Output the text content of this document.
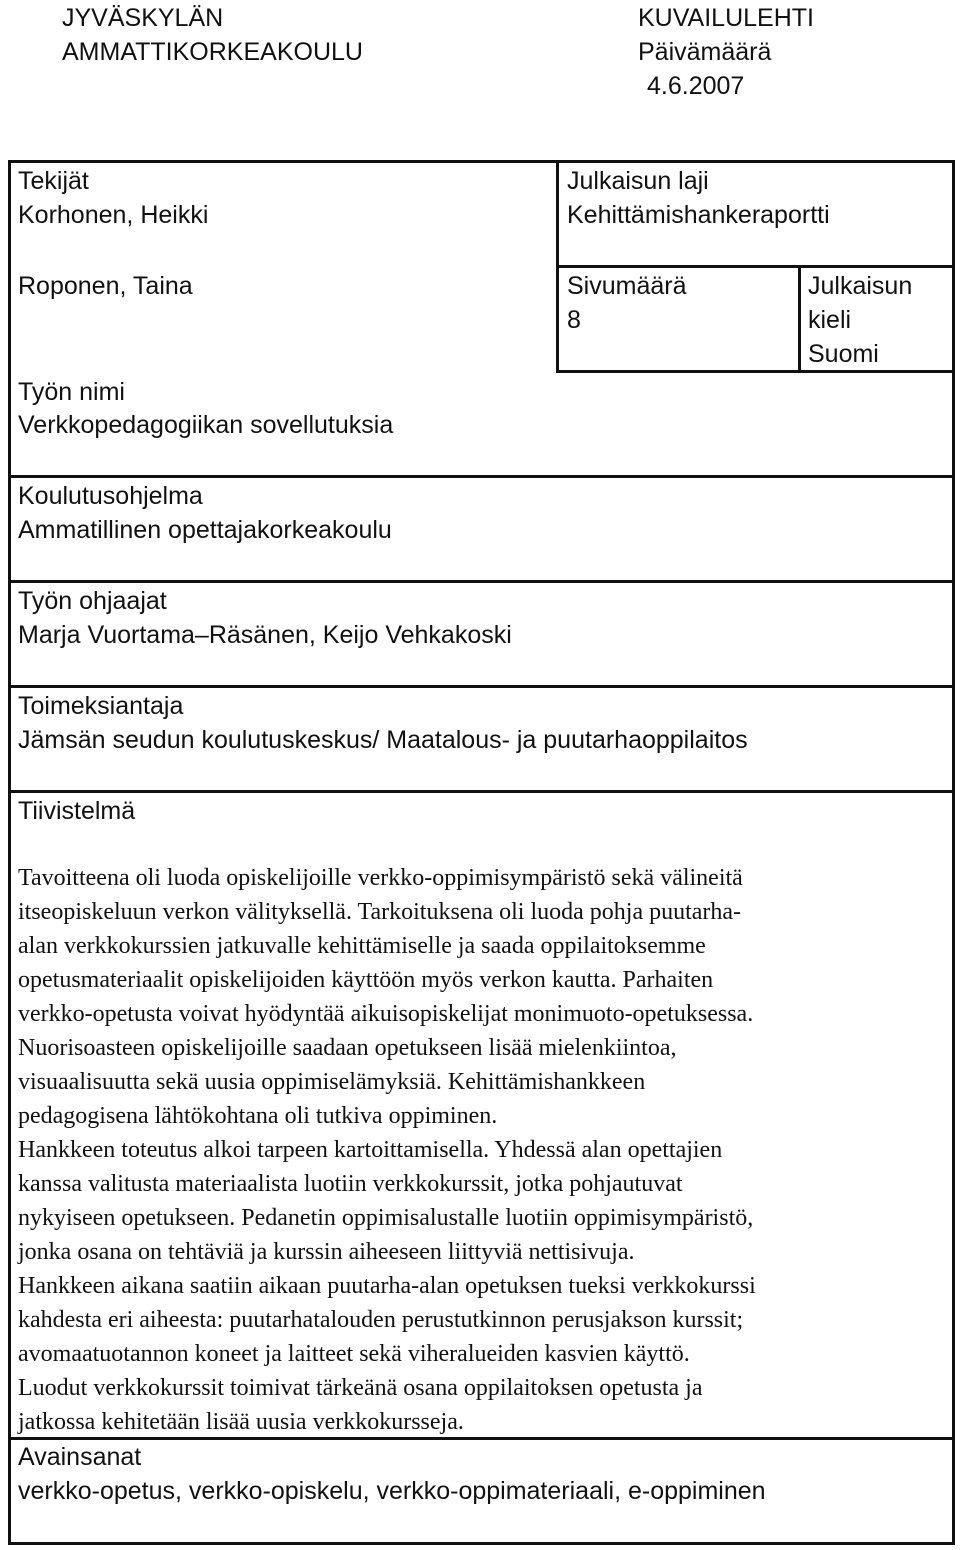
JYVÄSKYLÄN
AMMATTIKORKEAKOULU
KUVAILULEHTI
Päivämäärä
4.6.2007
Tekijät
Korhonen, Heikki
Roponen, Taina
Työn nimi
Verkkopedagogiikan sovellutuksia
Julkaisun laji
Kehittämishankeraportti
Sivumäärä
8
Julkaisun
kieli
Suomi
Koulutusohjelma
Ammatillinen opettajakorkeakoulu
Työn ohjaajat
Marja Vuortama–Räsänen, Keijo Vehkakoski
Toimeksiantaja
Jämsän seudun koulutuskeskus/ Maatalous- ja puutarhaoppilaitos
Tiivistelmä
Tavoitteena oli luoda opiskelijoille verkko-oppimisympäristö sekä välineitä
itseopiskeluun verkon välityksellä. Tarkoituksena oli luoda pohja puutarha-
alan verkkokurssien jatkuvalle kehittämiselle ja saada oppilaitoksemme
opetusmateriaalit opiskelijoiden käyttöön myös verkon kautta. Parhaiten
verkko-opetusta voivat hyödyntää aikuisopiskelijat monimuoto-opetuksessa.
Nuorisoasteen opiskelijoille saadaan opetukseen lisää mielenkiintoa,
visuaalisuutta sekä uusia oppimiselämyksiä. Kehittämishankkeen
pedagogisena lähtökohtana oli tutkiva oppiminen.
Hankkeen toteutus alkoi tarpeen kartoittamisella. Yhdessä alan opettajien
kanssa valitusta materiaalista luotiin verkkokurssit, jotka pohjautuvat
nykyiseen opetukseen. Pedanetin oppimisalustalle luotiin oppimisympäristö,
jonka osana on tehtäviä ja kurssin aiheeseen liittyviä nettisivuja.
Hankkeen aikana saatiin aikaan puutarha-alan opetuksen tueksi verkkokurssi
kahdesta eri aiheesta: puutarhatalouden perustutkinnon perusjakson kurssit;
avomaatuotannon koneet ja laitteet sekä viheralueiden kasvien käyttö.
Luodut verkkokurssit toimivat tärkeänä osana oppilaitoksen opetusta ja
jatkossa kehitetään lisää uusia verkkokursseja.
Avainsanat
verkko-opetus, verkko-opiskelu, verkko-oppimateriaali, e-oppiminen
